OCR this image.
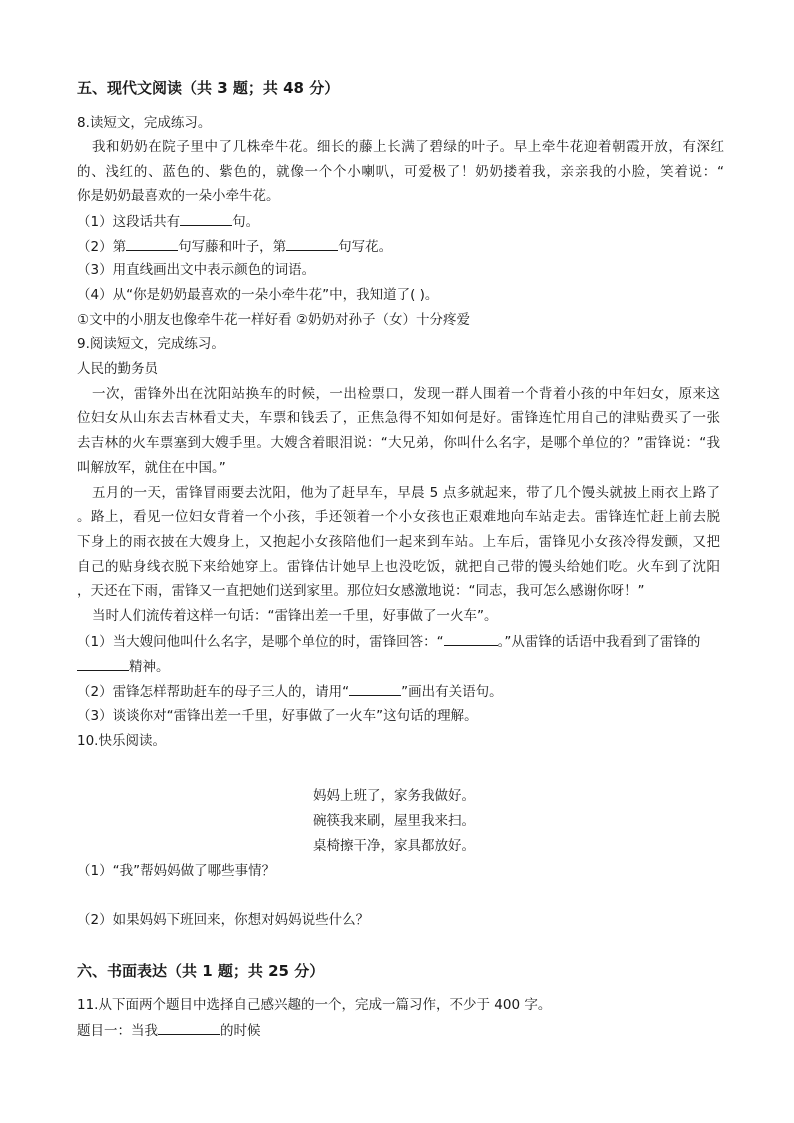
五、现代文阅读（共 3 题；共 48 分）
8.读短文，完成练习。
我和奶奶在院子里中了几株牵牛花。细长的藤上长满了碧绿的叶子。早上牵牛花迎着朝霞开放，有深红
的、浅红的、蓝色的、紫色的，就像一个个小喇叭，可爱极了！奶奶搂着我，亲亲我的小脸，笑着说：“
你是奶奶最喜欢的一朵小牵牛花。
（1）这段话共有	句。
（2）第	句写藤和叶子，第	句写花。
（3）用直线画出文中表示颜色的词语。
（4）从“你是奶奶最喜欢的一朵小牵牛花”中，我知道了( )。
①文中的小朋友也像牵牛花一样好看 ②奶奶对孙子（女）十分疼爱
9.阅读短文，完成练习。
人民的勤务员
一次，雷锋外出在沈阳站换车的时候，一出检票口，发现一群人围着一个背着小孩的中年妇女，原来这
位妇女从山东去吉林看丈夫，车票和钱丢了，正焦急得不知如何是好。雷锋连忙用自己的津贴费买了一张
去吉林的火车票塞到大嫂手里。大嫂含着眼泪说：“大兄弟，你叫什么名字，是哪个单位的？”雷锋说：“我
叫解放军，就住在中国。”
五月的一天，雷锋冒雨要去沈阳，他为了赶早车，早晨 5 点多就起来，带了几个馒头就披上雨衣上路了
。路上，看见一位妇女背着一个小孩，手还领着一个小女孩也正艰难地向车站走去。雷锋连忙赶上前去脱
下身上的雨衣披在大嫂身上，又抱起小女孩陪他们一起来到车站。上车后，雷锋见小女孩冷得发颤，又把
自己的贴身线衣脱下来给她穿上。雷锋估计她早上也没吃饭，就把自己带的馒头给她们吃。火车到了沈阳
，天还在下雨，雷锋又一直把她们送到家里。那位妇女感激地说：“同志，我可怎么感谢你呀！”
当时人们流传着这样一句话：“雷锋出差一千里，好事做了一火车”。
（1）当大嫂问他叫什么名字，是哪个单位的时，雷锋回答：“	。”从雷锋的话语中我看到了雷锋的
精神。
（2）雷锋怎样帮助赶车的母子三人的，请用“	”画出有关语句。
（3）谈谈你对“雷锋出差一千里，好事做了一火车”这句话的理解。
10.快乐阅读。
妈妈上班了，家务我做好。
碗筷我来刷，屋里我来扫。
桌椅擦干净，家具都放好。
（1）“我”帮妈妈做了哪些事情？
（2）如果妈妈下班回来，你想对妈妈说些什么？
六、书面表达（共 1 题；共 25 分）
11.从下面两个题目中选择自己感兴趣的一个，完成一篇习作，不少于 400 字。
题目一：当我	的时候
